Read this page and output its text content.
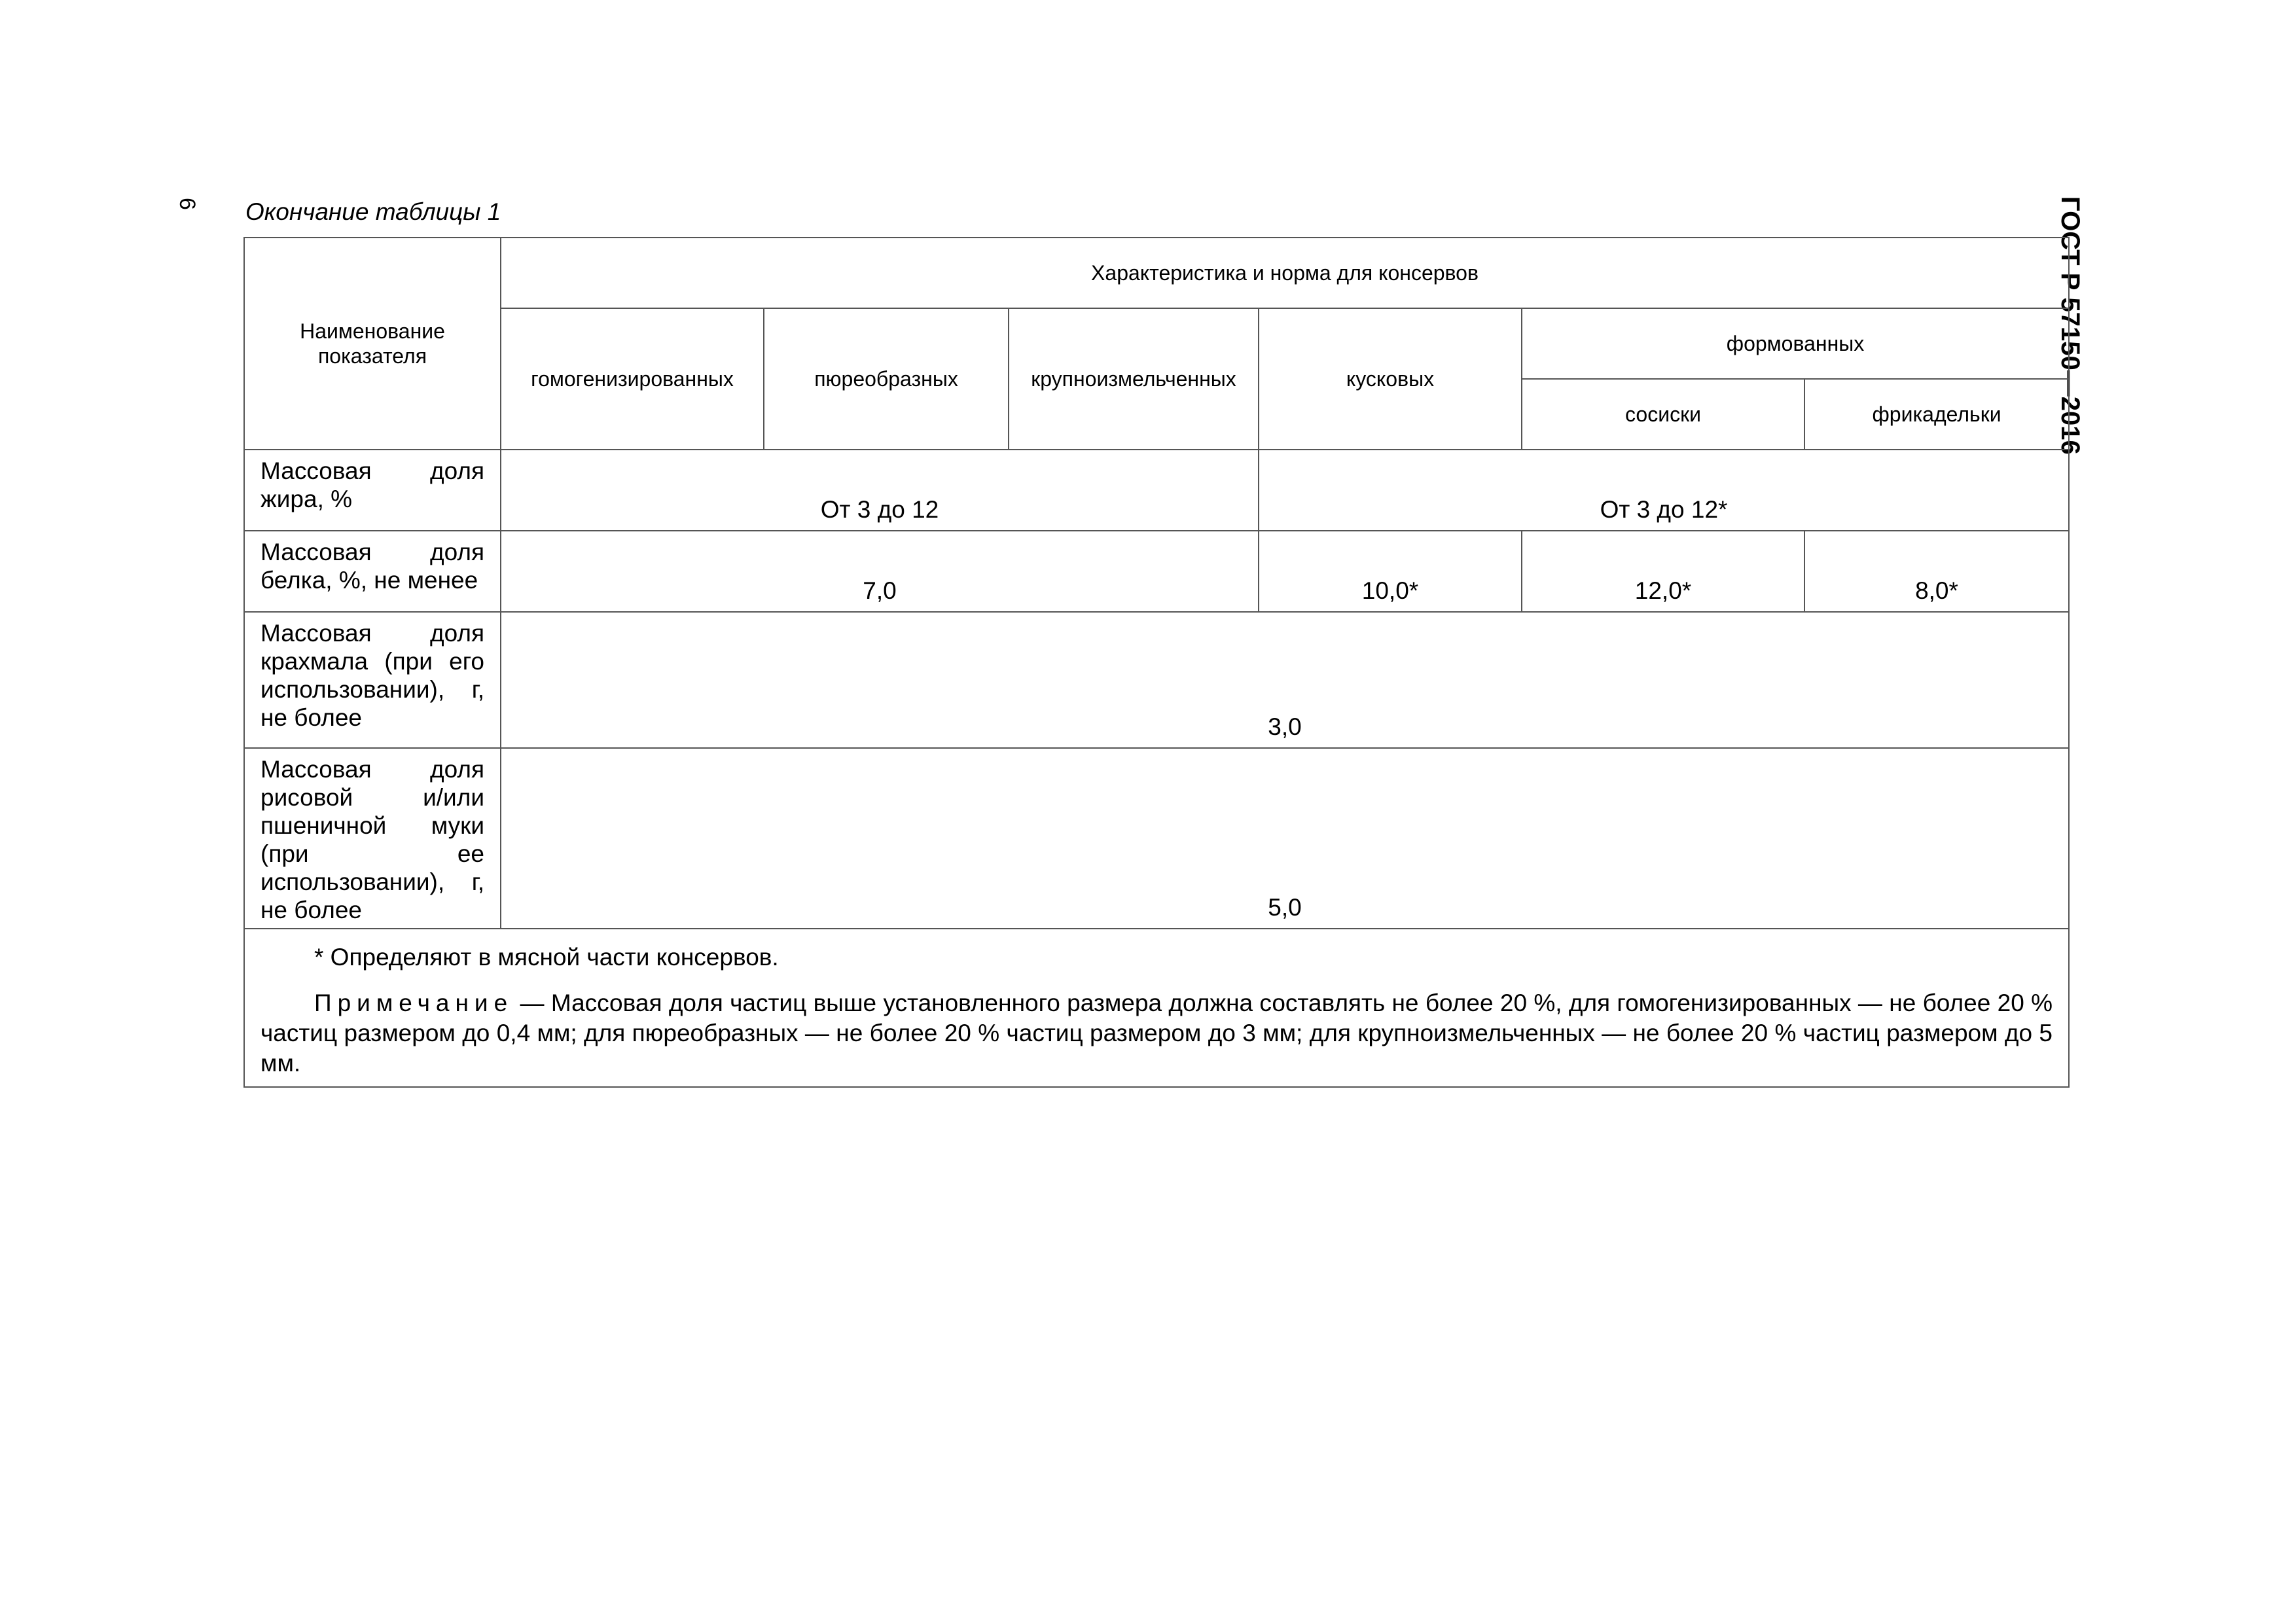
6	ГОСТ Р 57150—2016
Окончание таблицы 1
Наименование показателя	Характеристика и норма для консервов					
	гомогенизированных	пюреобразных	крупноизмельченных	кусковых	формованных	
					сосиски	фрикадельки
Массовая доля жира, %	От 3 до 12			От 3 до 12*		
Массовая доля белка, %, не менее	7,0			10,0*	12,0*	8,0*
Массовая доля крахмала (при его использовании), г, не более	3,0					
Массовая доля рисовой и/или пшеничной муки (при ее использовании), г, не более	5,0					

* Определяют в мясной части консервов.

Примечание — Массовая доля частиц выше установленного размера должна составлять не более 20 %, для гомогенизированных — не более 20 % частиц размером до 0,4 мм; для пюреобразных — не более 20 % частиц размером до 3 мм; для крупноизмельченных — не более 20 % частиц размером до 5 мм.						
